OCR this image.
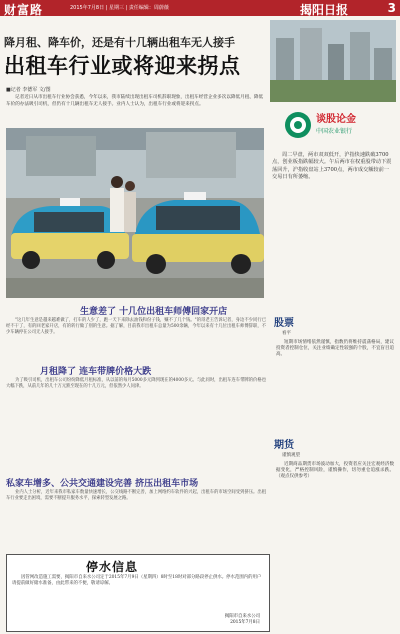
财富路	2015年7月8日 | 星期三 | 责任编辑：周蔚薇	揭阳日报	3
降月租、降车价，还是有十几辆出租车无人接手
出租车行业或将迎来拐点
■记者 李德军 文/图
记者近日从市出租车行业协会获悉，今年以来，我市陆续出现出租车司机辞职现象，出租车经营企业多次以降低月租、降低车价的办法吸引司机，但仍有十几辆出租车无人接手。业内人士认为，出租车行业或将迎来拐点。
生意差了 十几位出租车师傅回家开店

"这几年生意是越来越难做了，打车的人少了，跑一天下来除去油钱和份子钱，赚不了几个钱。"的哥老王告诉记者，身边不少同行已经不干了，有的回老家开店，有的转行做了别的生意。据了解，目前我市出租车总量为500余辆，今年以来有十几位出租车师傅辞职，不少车辆停在公司无人接手。

月租降了 连车带牌价格大跌

为了吸引司机，出租车公司纷纷降低月租标准，从以前的每月5000多元降到现在的4000多元。与此同时，出租车连车带牌的价格也大幅下跌，从前几年的几十万元跌至现在的十几万元，但依然少人问津。

私家车增多、公共交通建设完善 挤压出租车市场

业内人士分析，近年来我市私家车数量快速增长，公交线路不断完善，加上网络约车软件的兴起，出租车的市场空间受到挤压。出租车行业要走出困境，需要不断提升服务水平，探索转型发展之路。

停水信息

因管网改造施工需要，揭阳市自来水公司定于2015年7月9日（星期四）8时至18时对部分路段停止供水。停水范围内的用户请提前做好储水准备，由此带来的不便，敬请谅解。

揭阳市自来水公司
2015年7月8日
谈股论金
中国农业银行

周二早盘，两市双双低开，沪指快速跌破3700点，创业板指跌幅较大。午后两市在权重股带动下震荡回升，沪指收盘站上3700点，两市成交额较前一交易日有所萎缩。

股票
看平

短期市场情绪依然谨慎，指数仍将维持震荡格局，建议投资者控制仓位，关注业绩确定性较强的个股，不宜盲目追高。

期货
谨慎观望

近期商品期货市场波动加大，投资者应关注宏观经济数据变化，严格控制风险，谨慎操作，切勿重仓追涨杀跌。（观点仅供参考）
